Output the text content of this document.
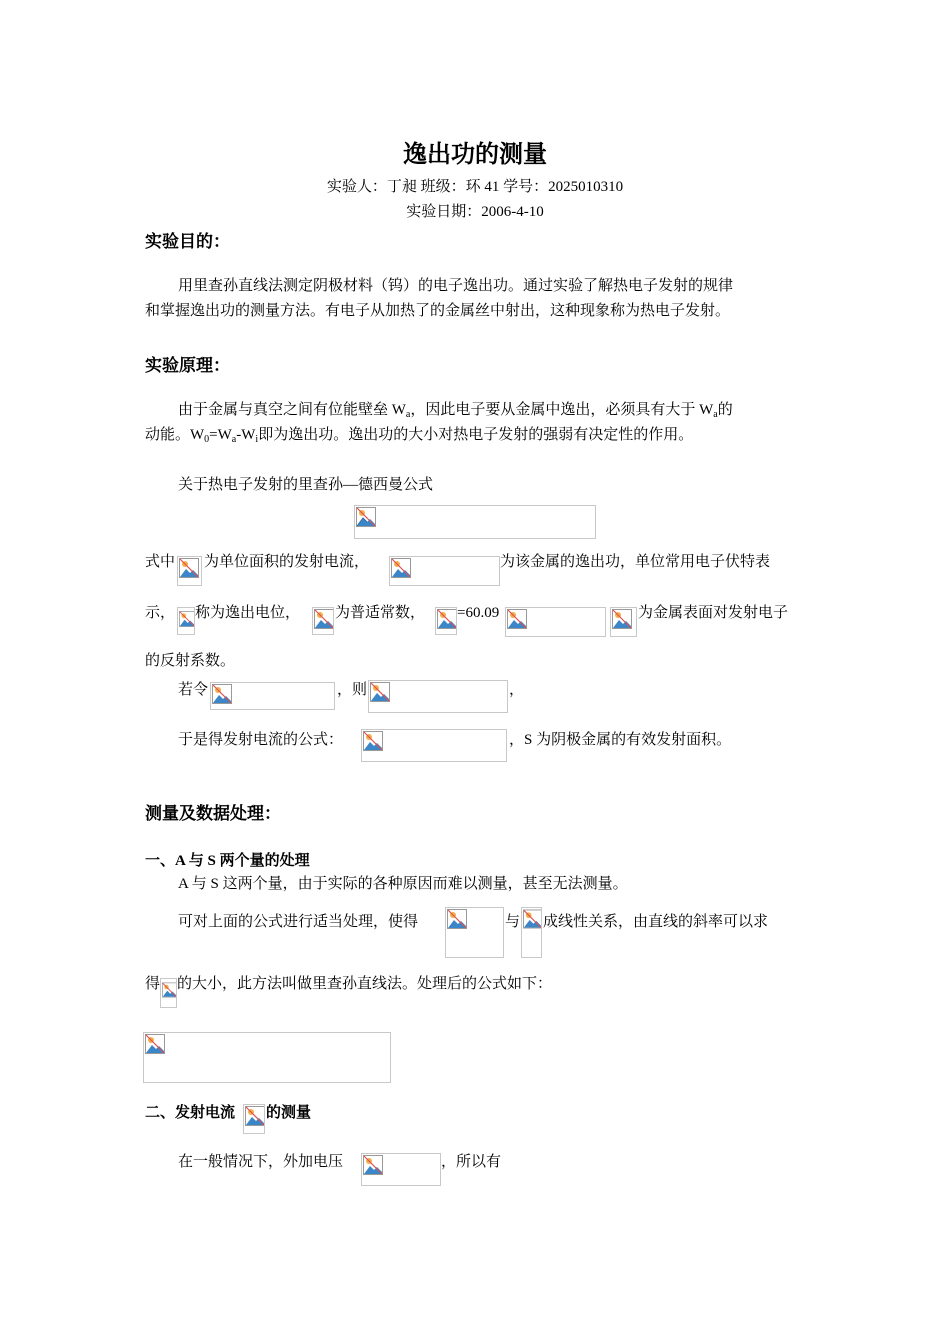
逸出功的测量
实验人：丁昶 班级：环 41 学号：2025010310
实验日期：2006-4-10
实验目的：
用里查孙直线法测定阴极材料（钨）的电子逸出功。通过实验了解热电子发射的规律
和掌握逸出功的测量方法。有电子从加热了的金属丝中射出，这种现象称为热电子发射。
实验原理：
由于金属与真空之间有位能壁垒 $W_a$，因此电子要从金属中逸出，必须具有大于 $W_a$的
动能。$W_0=W_a-W_i$即为逸出功。逸出功的大小对热电子发射的强弱有决定性的作用。
关于热电子发射的里查孙—德西曼公式
式中 为单位面积的发射电流，	为该金属的逸出功，单位常用电子伏特表
示， 称为逸出电位， 为普适常数， =60.09	为金属表面对发射电子
的反射系数。
若令	，则	，
于是得发射电流的公式：	，S 为阴极金属的有效发射面积。
测量及数据处理：
一、A 与 S 两个量的处理
A 与 S 这两个量，由于实际的各种原因而难以测量，甚至无法测量。
可对上面的公式进行适当处理，使得	与 成线性关系，由直线的斜率可以求
得 的大小，此方法叫做里查孙直线法。处理后的公式如下：
二、发射电流 的测量
在一般情况下，外加电压	，所以有
